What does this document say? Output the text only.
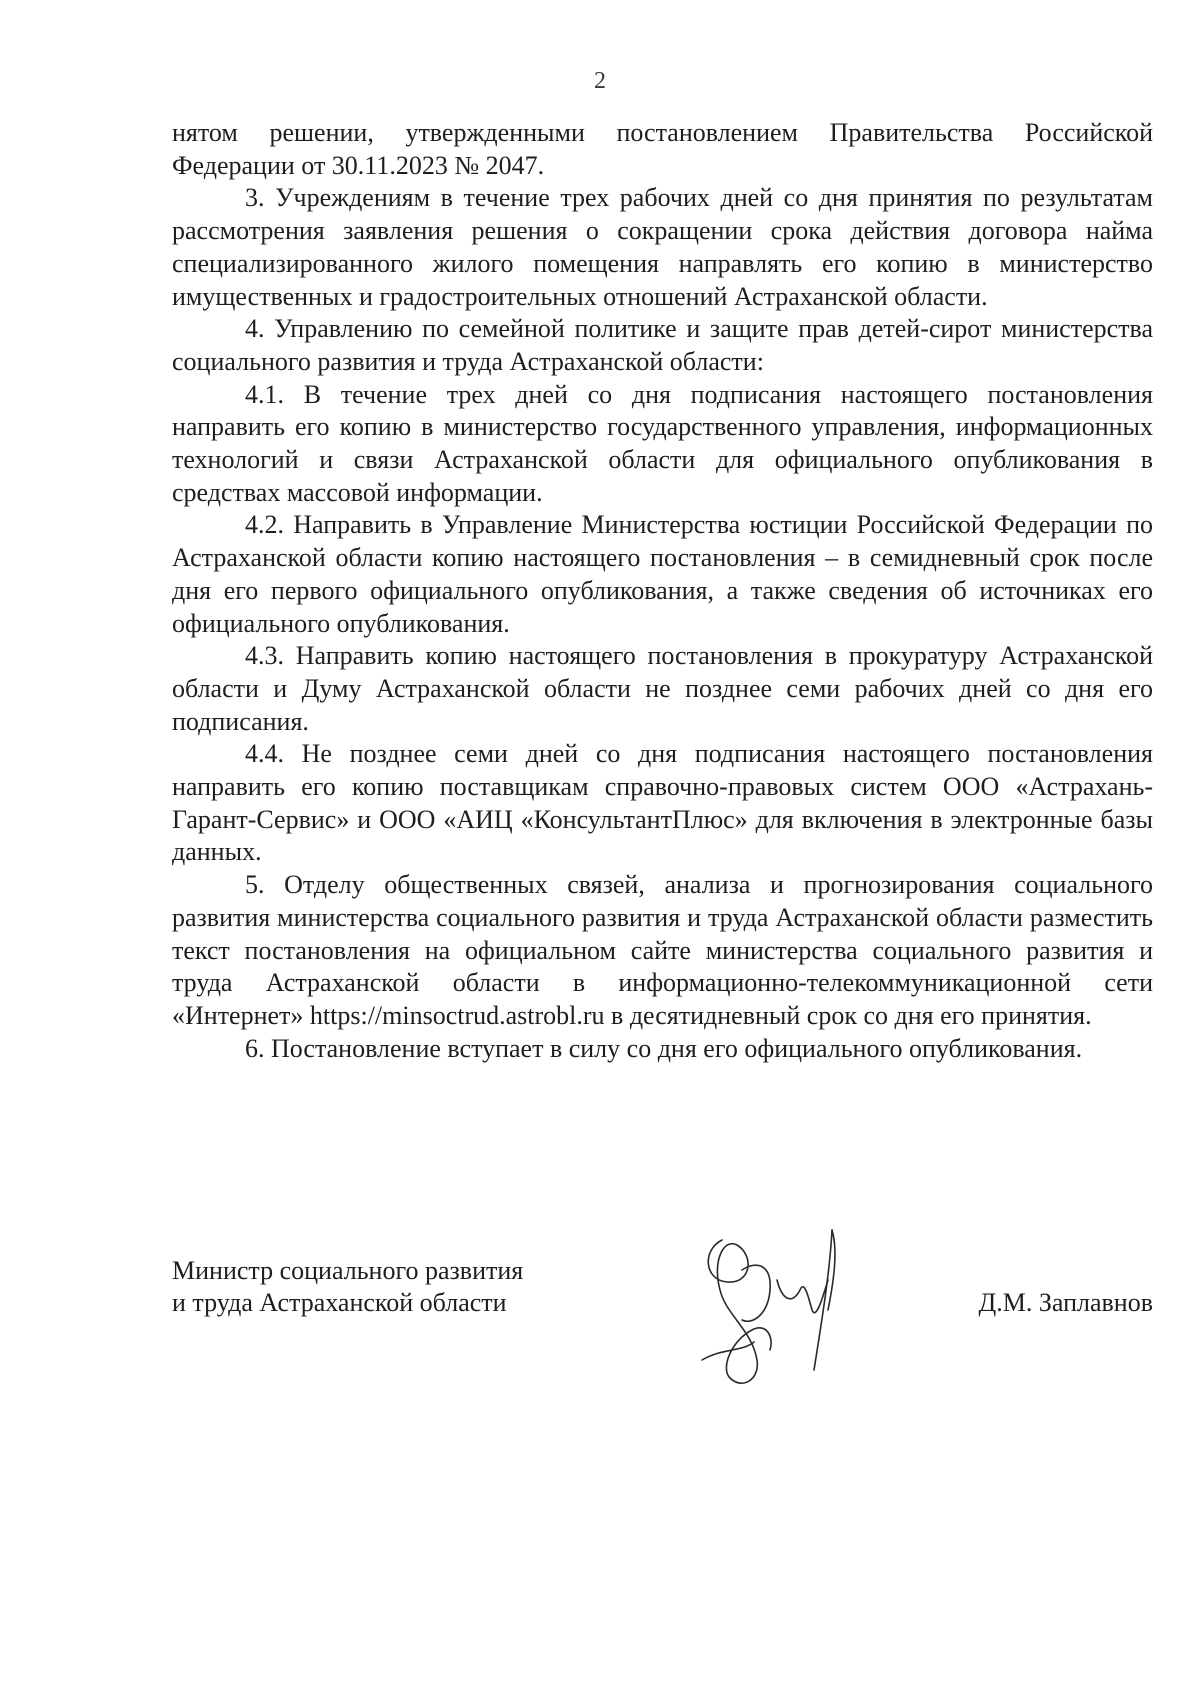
2

нятом решении, утвержденными постановлением Правительства Российской Федерации от 30.11.2023 № 2047.

3. Учреждениям в течение трех рабочих дней со дня принятия по результатам рассмотрения заявления решения о сокращении срока действия договора найма специализированного жилого помещения направлять его копию в министерство имущественных и градостроительных отношений Астраханской области.

4. Управлению по семейной политике и защите прав детей-сирот министерства социального развития и труда Астраханской области:

4.1. В течение трех дней со дня подписания настоящего постановления направить его копию в министерство государственного управления, информационных технологий и связи Астраханской области для официального опубликования в средствах массовой информации.

4.2. Направить в Управление Министерства юстиции Российской Федерации по Астраханской области копию настоящего постановления – в семидневный срок после дня его первого официального опубликования, а также сведения об источниках его официального опубликования.

4.3. Направить копию настоящего постановления в прокуратуру Астраханской области и Думу Астраханской области не позднее семи рабочих дней со дня его подписания.

4.4. Не позднее семи дней со дня подписания настоящего постановления направить его копию поставщикам справочно-правовых систем ООО «Астрахань-Гарант-Сервис» и ООО «АИЦ «КонсультантПлюс» для включения в электронные базы данных.

5. Отделу общественных связей, анализа и прогнозирования социального развития министерства социального развития и труда Астраханской области разместить текст постановления на официальном сайте министерства социального развития и труда Астраханской области в информационно-телекоммуникационной сети «Интернет» https://minsoctrud.astrobl.ru в десятидневный срок со дня его принятия.

6. Постановление вступает в силу со дня его официального опубликования.

Министр социального развития
и труда Астраханской области	Д.М. Заплавнов
